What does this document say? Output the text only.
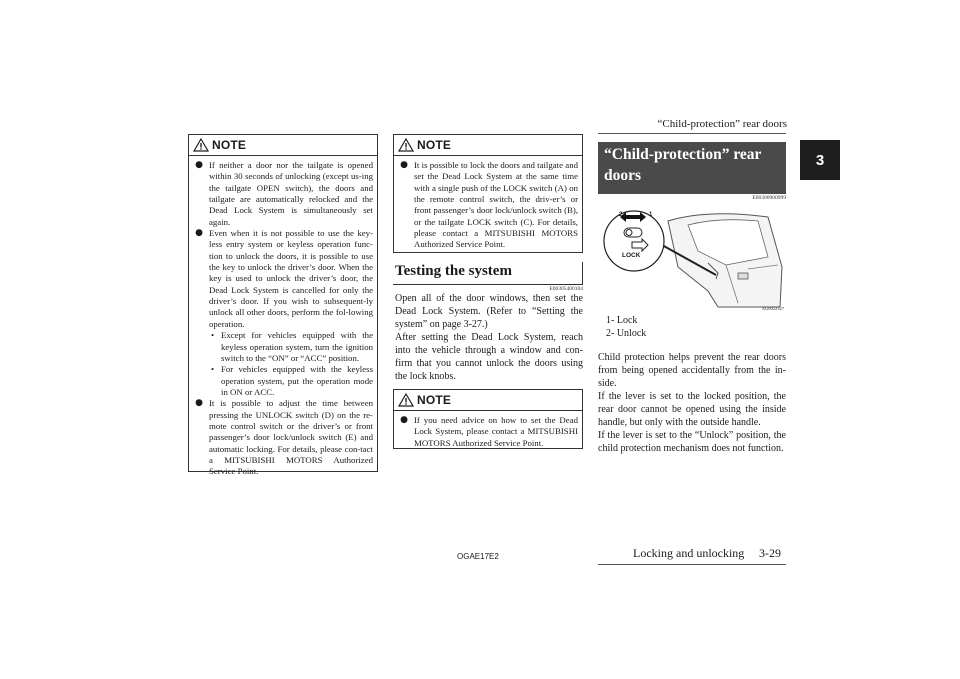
“Child-protection” rear doors
3
NOTE
● If neither a door nor the tailgate is opened within 30 seconds of unlocking (except us-ing the tailgate OPEN switch), the doors and tailgate are automatically relocked and the Dead Lock System is simultaneously set again.
● Even when it is not possible to use the key-less entry system or keyless operation func-tion to unlock the doors, it is possible to use the key to unlock the driver’s door. When the key is used to unlock the driver’s door, the Dead Lock System is cancelled for only the driver’s door. If you wish to subsequent-ly unlock all other doors, perform the fol-lowing operation.
• Except for vehicles equipped with the keyless operation system, turn the ignition switch to the “ON” or “ACC” position.
• For vehicles equipped with the keyless operation system, put the operation mode in ON or ACC.
● It is possible to adjust the time between pressing the UNLOCK switch (D) on the re-mote control switch or the driver’s or front passenger’s door lock/unlock switch (E) and automatic locking. For details, please con-tact a MITSUBISHI MOTORS Authorized Service Point.
NOTE
● It is possible to lock the doors and tailgate and set the Dead Lock System at the same time with a single push of the LOCK switch (A) on the remote control switch, the driv-er’s or front passenger’s door lock/unlock switch (B), or the tailgate LOCK switch (C). For details, please contact a MITSUBISHI MOTORS Authorized Service Point.
Testing the system
E00305400104
Open all of the door windows, then set the Dead Lock System. (Refer to “Setting the system” on page 3-27.)
After setting the Dead Lock System, reach into the vehicle through a window and con-firm that you cannot unlock the doors using the lock knobs.
NOTE
● If you need advice on how to set the Dead Lock System, please contact a MITSUBISHI MOTORS Authorized Service Point.
“Child-protection” rear
doors
E00300900999
2	1
LOCK
AG0022327
1- Lock
2- Unlock
Child protection helps prevent the rear doors from being opened accidentally from the in-side.
If the lever is set to the locked position, the rear door cannot be opened using the inside handle, but only with the outside handle.
If the lever is set to the “Unlock” position, the child protection mechanism does not function.
OGAE17E2	Locking and unlocking 3-29
